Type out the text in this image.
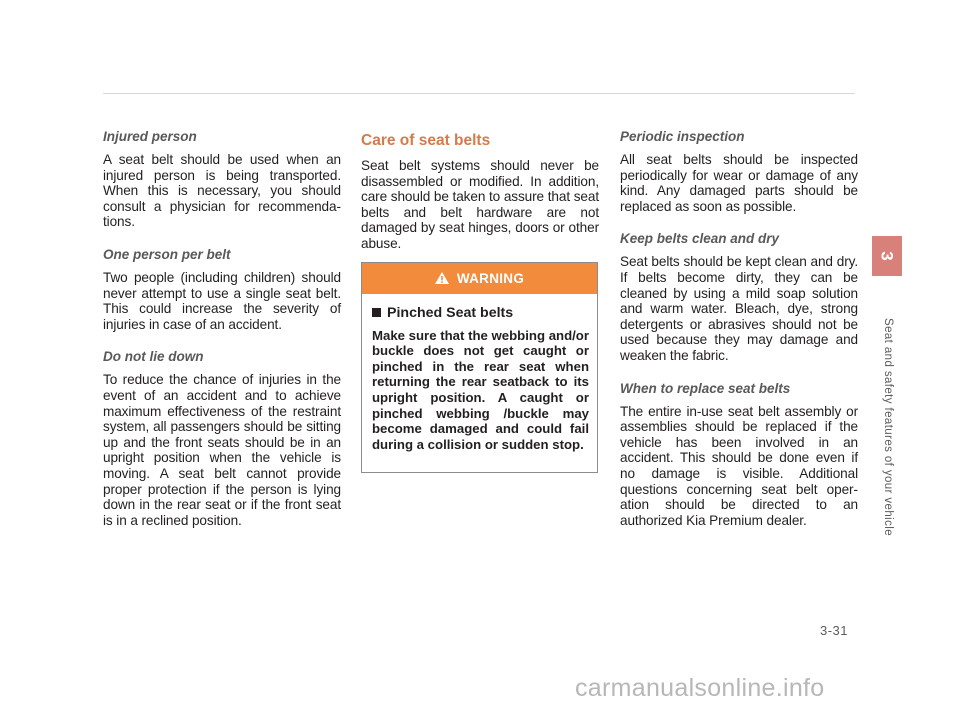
Injured person

A seat belt should be used when an injured person is being transported. When this is necessary, you should consult a physician for recommendations.

One person per belt

Two people (including children) should never attempt to use a single seat belt. This could increase the severity of injuries in case of an accident.

Do not lie down

To reduce the chance of injuries in the event of an accident and to achieve maximum effectiveness of the restraint system, all passengers should be sitting up and the front seats should be in an upright position when the vehicle is moving. A seat belt cannot provide proper protection if the person is lying down in the rear seat or if the front seat is in a reclined position.

Care of seat belts

Seat belt systems should never be disassembled or modified. In addition, care should be taken to assure that seat belts and belt hardware are not damaged by seat hinges, doors or other abuse.

WARNING
Pinched Seat belts

Make sure that the webbing and/or buckle does not get caught or pinched in the rear seat when returning the rear seatback to its upright position. A caught or pinched webbing /buckle may become damaged and could fail during a collision or sudden stop.

Periodic inspection

All seat belts should be inspected periodically for wear or damage of any kind. Any damaged parts should be replaced as soon as possible.

Keep belts clean and dry

Seat belts should be kept clean and dry. If belts become dirty, they can be cleaned by using a mild soap solution and warm water. Bleach, dye, strong detergents or abrasives should not be used because they may damage and weaken the fabric.

When to replace seat belts

The entire in-use seat belt assembly or assemblies should be replaced if the vehicle has been involved in an accident. This should be done even if no damage is visible. Additional questions concerning seat belt operation should be directed to an authorized Kia Premium dealer.

3
Seat and safety features of your vehicle
3-31
carmanualsonline.info
